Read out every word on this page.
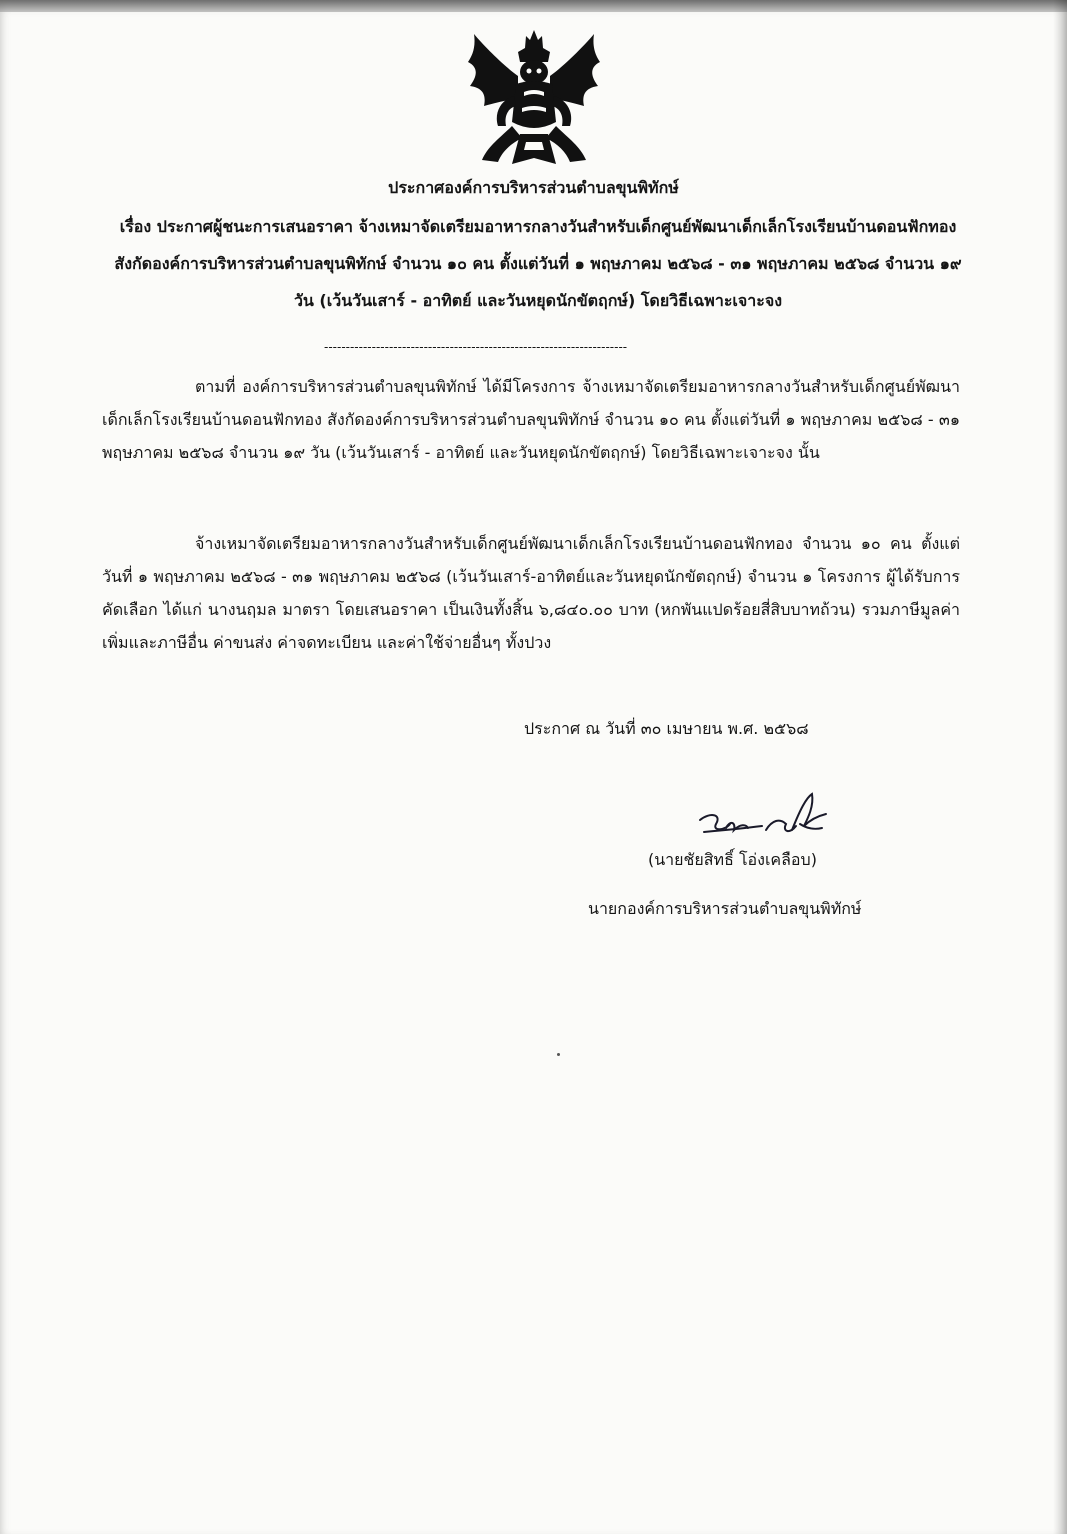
ประกาศองค์การบริหารส่วนตำบลขุนพิทักษ์
เรื่อง ประกาศผู้ชนะการเสนอราคา จ้างเหมาจัดเตรียมอาหารกลางวันสำหรับเด็กศูนย์พัฒนาเด็กเล็กโรงเรียนบ้านดอนฟักทอง สังกัดองค์การบริหารส่วนตำบลขุนพิทักษ์ จำนวน ๑๐ คน ตั้งแต่วันที่ ๑ พฤษภาคม ๒๕๖๘ - ๓๑ พฤษภาคม ๒๕๖๘ จำนวน ๑๙ วัน (เว้นวันเสาร์ - อาทิตย์ และวันหยุดนักขัตฤกษ์) โดยวิธีเฉพาะเจาะจง
----------------------------------------------------------------------
ตามที่ องค์การบริหารส่วนตำบลขุนพิทักษ์ ได้มีโครงการ จ้างเหมาจัดเตรียมอาหารกลางวันสำหรับเด็กศูนย์พัฒนาเด็กเล็กโรงเรียนบ้านดอนฟักทอง สังกัดองค์การบริหารส่วนตำบลขุนพิทักษ์ จำนวน ๑๐ คน ตั้งแต่วันที่ ๑ พฤษภาคม ๒๕๖๘ - ๓๑ พฤษภาคม ๒๕๖๘ จำนวน ๑๙ วัน (เว้นวันเสาร์ - อาทิตย์ และวันหยุดนักขัตฤกษ์) โดยวิธีเฉพาะเจาะจง นั้น
จ้างเหมาจัดเตรียมอาหารกลางวันสำหรับเด็กศูนย์พัฒนาเด็กเล็กโรงเรียนบ้านดอนฟักทอง จำนวน ๑๐ คน ตั้งแต่วันที่ ๑ พฤษภาคม ๒๕๖๘ - ๓๑ พฤษภาคม ๒๕๖๘ (เว้นวันเสาร์-อาทิตย์และวันหยุดนักขัตฤกษ์) จำนวน ๑ โครงการ ผู้ได้รับการคัดเลือก ได้แก่ นางนฤมล มาตรา โดยเสนอราคา เป็นเงินทั้งสิ้น ๖,๘๔๐.๐๐ บาท (หกพันแปดร้อยสี่สิบบาทถ้วน) รวมภาษีมูลค่าเพิ่มและภาษีอื่น ค่าขนส่ง ค่าจดทะเบียน และค่าใช้จ่ายอื่นๆ ทั้งปวง
ประกาศ ณ วันที่ ๓๐ เมษายน พ.ศ. ๒๕๖๘
(นายชัยสิทธิ์ โอ่งเคลือบ)
นายกองค์การบริหารส่วนตำบลขุนพิทักษ์
